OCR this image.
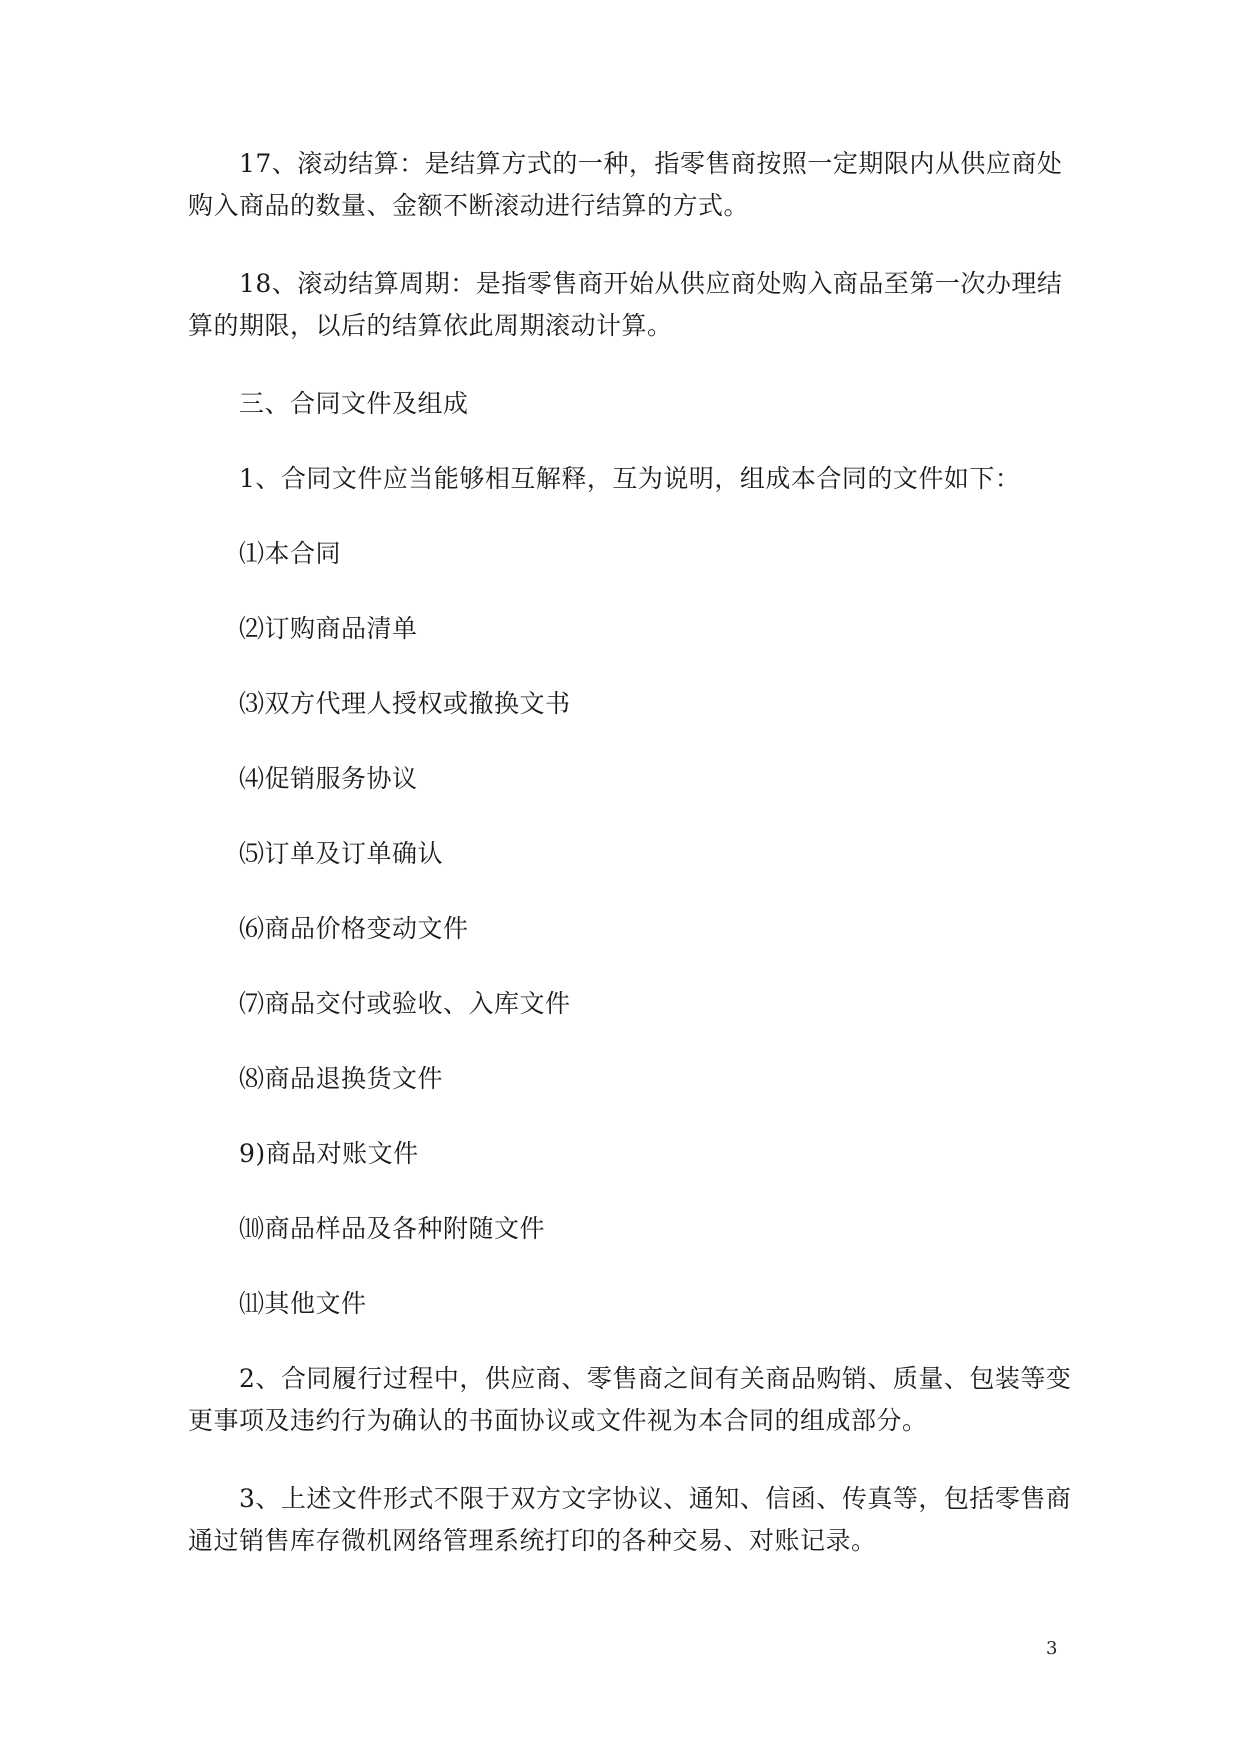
　　17、滚动结算：是结算方式的一种，指零售商按照一定期限内从供应商处
购入商品的数量、金额不断滚动进行结算的方式。

　　18、滚动结算周期：是指零售商开始从供应商处购入商品至第一次办理结
算的期限，以后的结算依此周期滚动计算。

　　三、合同文件及组成

　　1、合同文件应当能够相互解释，互为说明，组成本合同的文件如下：

　　⑴本合同

　　⑵订购商品清单

　　⑶双方代理人授权或撤换文书

　　⑷促销服务协议

　　⑸订单及订单确认

　　⑹商品价格变动文件

　　⑺商品交付或验收、入库文件

　　⑻商品退换货文件

　　9)商品对账文件

　　⑽商品样品及各种附随文件

　　⑾其他文件

　　2、合同履行过程中，供应商、零售商之间有关商品购销、质量、包装等变
更事项及违约行为确认的书面协议或文件视为本合同的组成部分。

　　3、上述文件形式不限于双方文字协议、通知、信函、传真等，包括零售商
通过销售库存微机网络管理系统打印的各种交易、对账记录。

3
